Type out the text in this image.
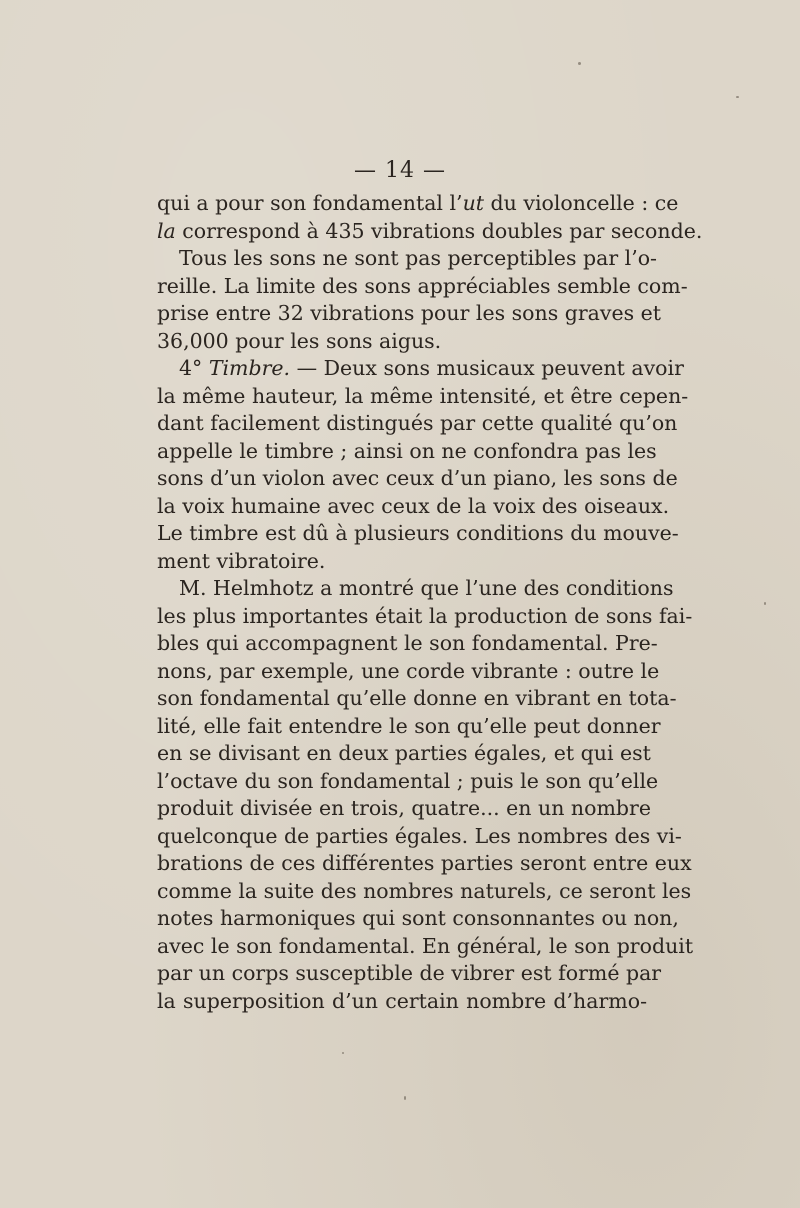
— 14 —
qui a pour son fondamental l’ut du violoncelle : ce
la correspond à 435 vibrations doubles par seconde.
Tous les sons ne sont pas perceptibles par l’o-
reille. La limite des sons appréciables semble com-
prise entre 32 vibrations pour les sons graves et
36,000 pour les sons aigus.
4° Timbre. — Deux sons musicaux peuvent avoir
la même hauteur, la même intensité, et être cepen-
dant facilement distingués par cette qualité qu’on
appelle le timbre ; ainsi on ne confondra pas les
sons d’un violon avec ceux d’un piano, les sons de
la voix humaine avec ceux de la voix des oiseaux.
Le timbre est dû à plusieurs conditions du mouve-
ment vibratoire.
M. Helmhotz a montré que l’une des conditions
les plus importantes était la production de sons fai-
bles qui accompagnent le son fondamental. Pre-
nons, par exemple, une corde vibrante : outre le
son fondamental qu’elle donne en vibrant en tota-
lité, elle fait entendre le son qu’elle peut donner
en se divisant en deux parties égales, et qui est
l’octave du son fondamental ; puis le son qu’elle
produit divisée en trois, quatre... en un nombre
quelconque de parties égales. Les nombres des vi-
brations de ces différentes parties seront entre eux
comme la suite des nombres naturels, ce seront les
notes harmoniques qui sont consonnantes ou non,
avec le son fondamental. En général, le son produit
par un corps susceptible de vibrer est formé par
la superposition d’un certain nombre d’harmo-
